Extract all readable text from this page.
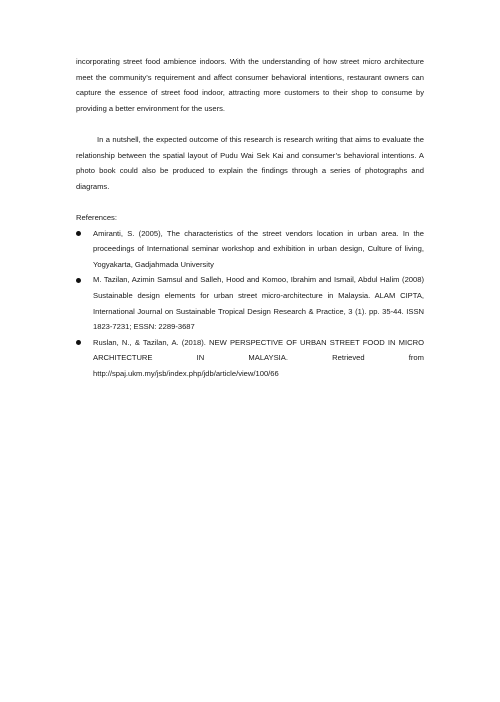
incorporating street food ambience indoors. With the understanding of how street micro architecture meet the community’s requirement and affect consumer behavioral intentions, restaurant owners can capture the essence of street food indoor, attracting more customers to their shop to consume by providing a better environment for the users.

In a nutshell, the expected outcome of this research is research writing that aims to evaluate the relationship between the spatial layout of Pudu Wai Sek Kai and consumer’s behavioral intentions. A photo book could also be produced to explain the findings through a series of photographs and diagrams.

References:

Amiranti, S. (2005), The characteristics of the street vendors location in urban area. In the proceedings of International seminar workshop and exhibition in urban design, Culture of living, Yogyakarta, Gadjahmada University
M. Tazilan, Azimin Samsul and Salleh, Hood and Komoo, Ibrahim and Ismail, Abdul Halim (2008) Sustainable design elements for urban street micro-architecture in Malaysia. ALAM CIPTA, International Journal on Sustainable Tropical Design Research & Practice, 3 (1). pp. 35-44. ISSN 1823-7231; ESSN: 2289-3687
Ruslan, N., & Tazilan, A. (2018). NEW PERSPECTIVE OF URBAN STREET FOOD IN MICRO ARCHITECTURE IN MALAYSIA. Retrieved from
http://spaj.ukm.my/jsb/index.php/jdb/article/view/100/66
